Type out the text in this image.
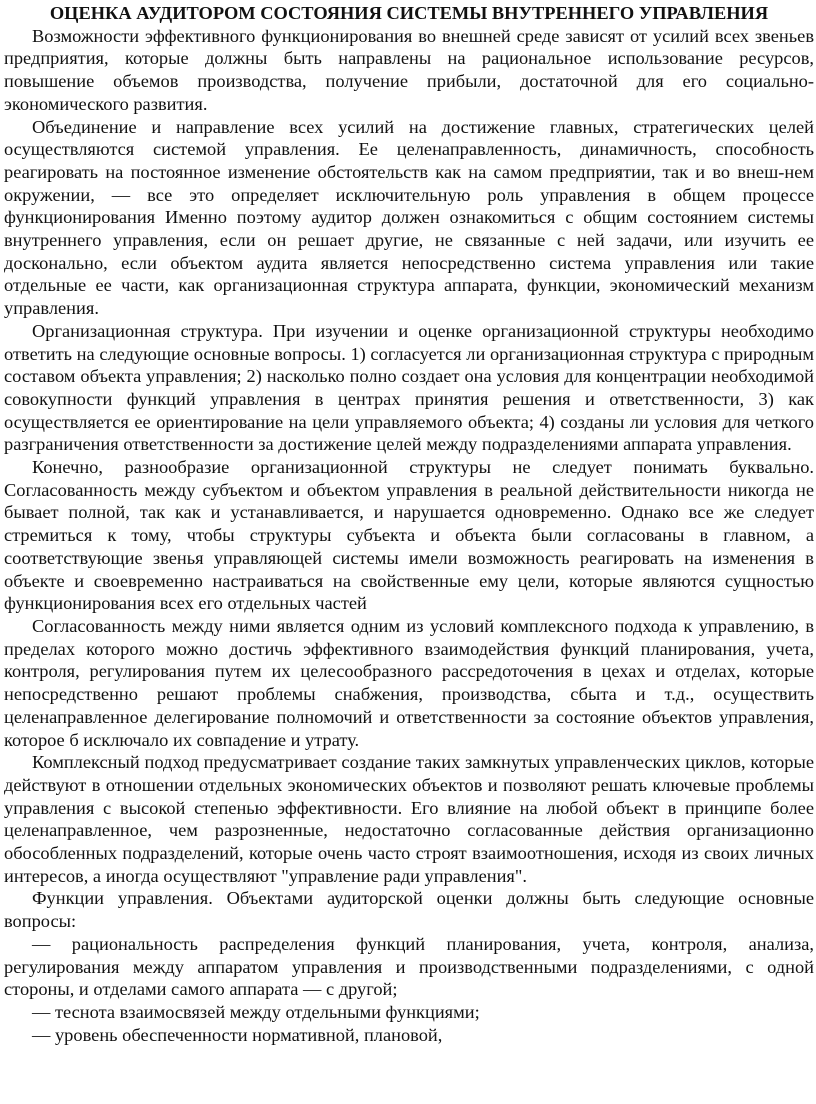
ОЦЕНКА АУДИТОРОМ СОСТОЯНИЯ СИСТЕМЫ ВНУТРЕННЕГО УПРАВЛЕНИЯ

Возможности эффективного функционирования во внешней среде зависят от усилий всех звеньев предприятия, которые должны быть направлены на рациональное использование ресурсов, повышение объемов производства, получение прибыли, достаточной для его социально-экономического развития.

Объединение и направление всех усилий на достижение главных, стратегических целей осуществляются системой управления. Ее целенаправленность, динамичность, способность реагировать на постоянное изменение обстоятельств как на самом предприятии, так и во внеш-нем окружении, — все это определяет исключительную роль управления в общем процессе функционирования Именно поэтому аудитор должен ознакомиться с общим состоянием системы внутреннего управления, если он решает другие, не связанные с ней задачи, или изучить ее досконально, если объектом аудита является непосредственно система управления или такие отдельные ее части, как организационная структура аппарата, функции, экономический механизм управления.

Организационная структура. При изучении и оценке организационной структуры необходимо ответить на следующие основные вопросы. 1) согласуется ли организационная структура с природным составом объекта управления; 2) насколько полно создает она условия для концентрации необходимой совокупности функций управления в центрах принятия решения и ответственности, 3) как осуществляется ее ориентирование на цели управляемого объекта; 4) созданы ли условия для четкого разграничения ответственности за достижение целей между подразделениями аппарата управления.

Конечно, разнообразие организационной структуры не следует понимать буквально. Согласованность между субъектом и объектом управления в реальной действительности никогда не бывает полной, так как и устанавливается, и нарушается одновременно. Однако все же следует стремиться к тому, чтобы структуры субъекта и объекта были согласованы в главном, а соответствующие звенья управляющей системы имели возможность реагировать на изменения в объекте и своевременно настраиваться на свойственные ему цели, которые являются сущностью функционирования всех его отдельных частей

Согласованность между ними является одним из условий комплексного подхода к управлению, в пределах которого можно достичь эффективного взаимодействия функций планирования, учета, контроля, регулирования путем их целесообразного рассредоточения в цехах и отделах, которые непосредственно решают проблемы снабжения, производства, сбыта и т.д., осуществить целенаправленное делегирование полномочий и ответственности за состояние объектов управления, которое б исключало их совпадение и утрату.

Комплексный подход предусматривает создание таких замкнутых управленческих циклов, которые действуют в отношении отдельных экономических объектов и позволяют решать ключевые проблемы управления с высокой степенью эффективности. Его влияние на любой объект в принципе более целенаправленное, чем разрозненные, недостаточно согласованные действия организационно обособленных подразделений, которые очень часто строят взаимоотношения, исходя из своих личных интересов, а иногда осуществляют "управление ради управления".

Функции управления. Объектами аудиторской оценки должны быть следующие основные вопросы:

— рациональность распределения функций планирования, учета, контроля, анализа, регулирования между аппаратом управления и производственными подразделениями, с одной стороны, и отделами самого аппарата — с другой;

— теснота взаимосвязей между отдельными функциями;

— уровень обеспеченности нормативной, плановой,
